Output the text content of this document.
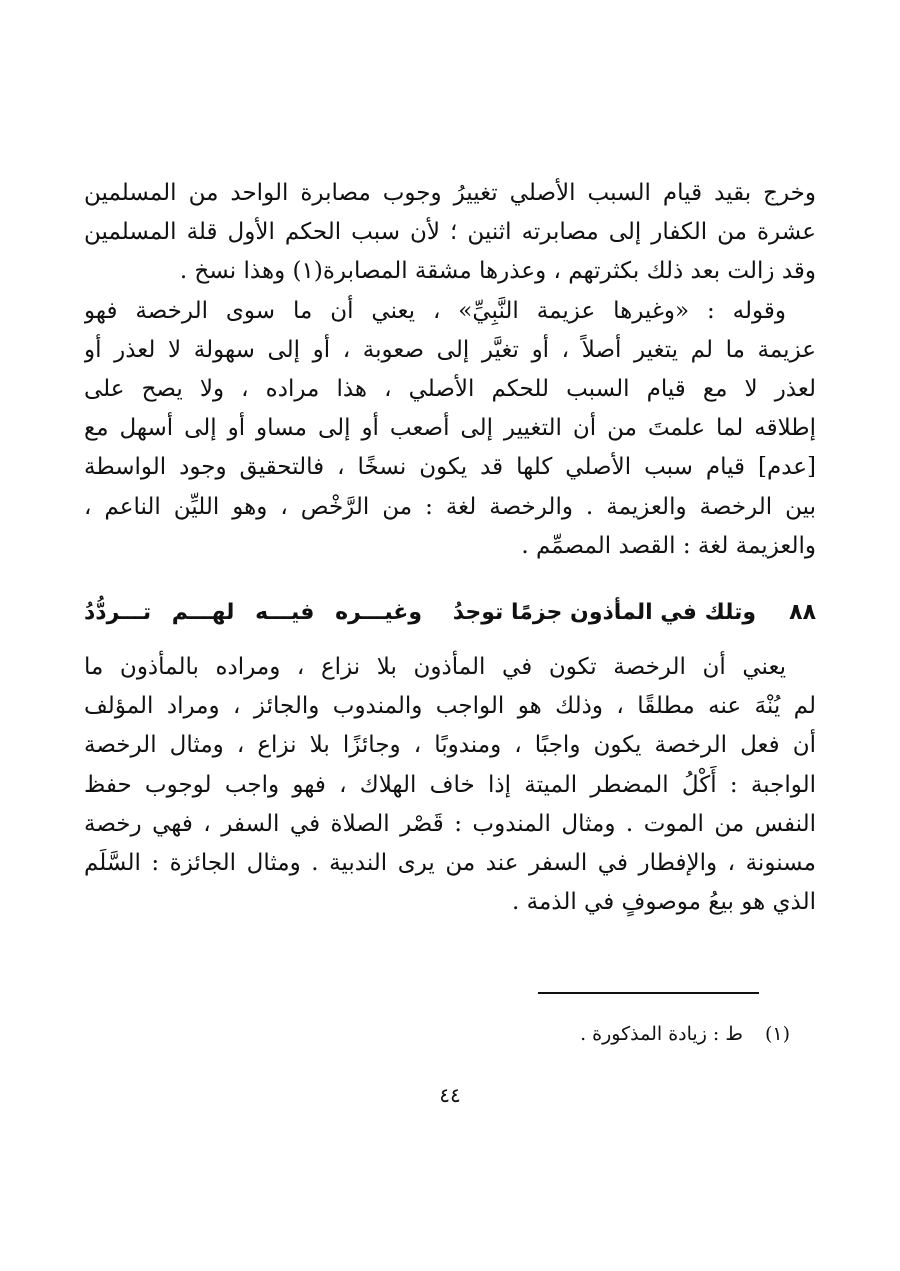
وخرج بقيد قيام السبب الأصلي تغييرُ وجوب مصابرة الواحد من المسلمين
عشرة من الكفار إلى مصابرته اثنين ؛ لأن سبب الحكم الأول قلة المسلمين
وقد زالت بعد ذلك بكثرتهم ، وعذرها مشقة المصابرة(١) وهذا نسخ .
وقوله : «وغيرها عزيمة النَّبِيِّ» ، يعني أن ما سوى الرخصة فهو
عزيمة ما لم يتغير أصلاً ، أو تغيَّر إلى صعوبة ، أو إلى سهولة لا لعذر أو
لعذر لا مع قيام السبب للحكم الأصلي ، هذا مراده ، ولا يصح على
إطلاقه لما علمتَ من أن التغيير إلى أصعب أو إلى مساو أو إلى أسهل مع
[عدم] قيام سبب الأصلي كلها قد يكون نسخًا ، فالتحقيق وجود الواسطة
بين الرخصة والعزيمة . والرخصة لغة : من الرَّخْص ، وهو الليِّن الناعم ،
والعزيمة لغة : القصد المصمِّم .
٨٨
وتلك في المأذون جزمًا توجدُ
وغيـــره فيـــه لهـــم تـــردُّدُ
يعني أن الرخصة تكون في المأذون بلا نزاع ، ومراده بالمأذون ما
لم يُنْهَ عنه مطلقًا ، وذلك هو الواجب والمندوب والجائز ، ومراد المؤلف
أن فعل الرخصة يكون واجبًا ، ومندوبًا ، وجائزًا بلا نزاع ، ومثال الرخصة
الواجبة : أَكْلُ المضطر الميتة إذا خاف الهلاك ، فهو واجب لوجوب حفظ
النفس من الموت . ومثال المندوب : قَصْر الصلاة في السفر ، فهي رخصة
مسنونة ، والإفطار في السفر عند من يرى الندبية . ومثال الجائزة : السَّلَم
الذي هو بيعُ موصوفٍ في الذمة .
(١)ط : زيادة المذكورة .
٤٤
